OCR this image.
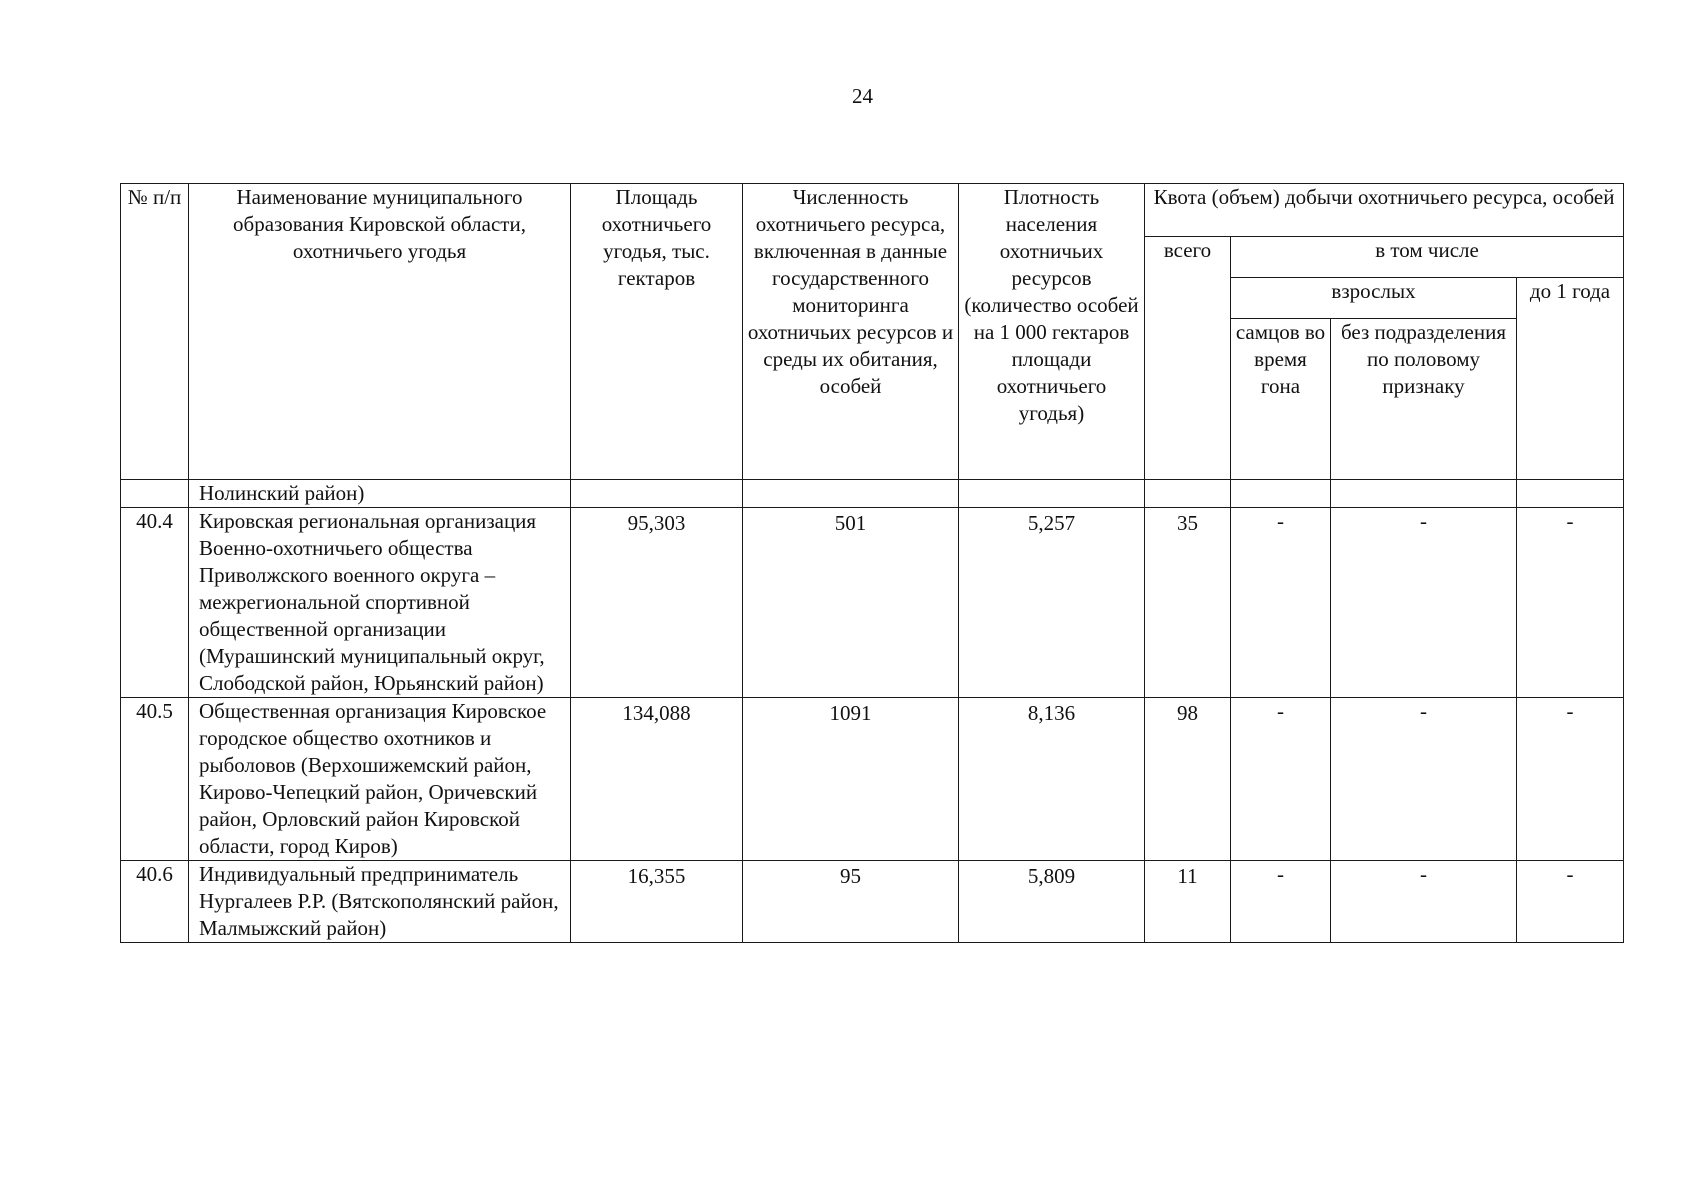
24
№ п/п	Наименование муниципального образования Кировской области, охотничьего угодья	Площадь охотничьего угодья, тыс. гектаров	Численность охотничьего ресурса, включенная в данные государственного мониторинга охотничьих ресурсов и среды их обитания, особей	Плотность населения охотничьих ресурсов (количество особей на 1 000 гектаров площади охотничьего угодья)	Квота (объем) добычи охотничьего ресурса, особей			
					всего	в том числе		
						взрослых		до 1 года
						самцов во время гона	без подразделения по половому признаку	
	Нолинский район)							
40.4	Кировская региональная организация Военно-охотничьего общества Приволжского военного округа – межрегиональной спортивной общественной организации (Мурашинский муниципальный округ, Слободской район, Юрьянский район)	95,303	501	5,257	35	-	-	-
40.5	Общественная организация Кировское городское общество охотников и рыболовов (Верхошижемский район, Кирово-Чепецкий район, Оричевский район, Орловский район Кировской области, город Киров)	134,088	1091	8,136	98	-	-	-
40.6	Индивидуальный предприниматель Нургалеев Р.Р. (Вятскополянский район, Малмыжский район)	16,355	95	5,809	11	-	-	-
